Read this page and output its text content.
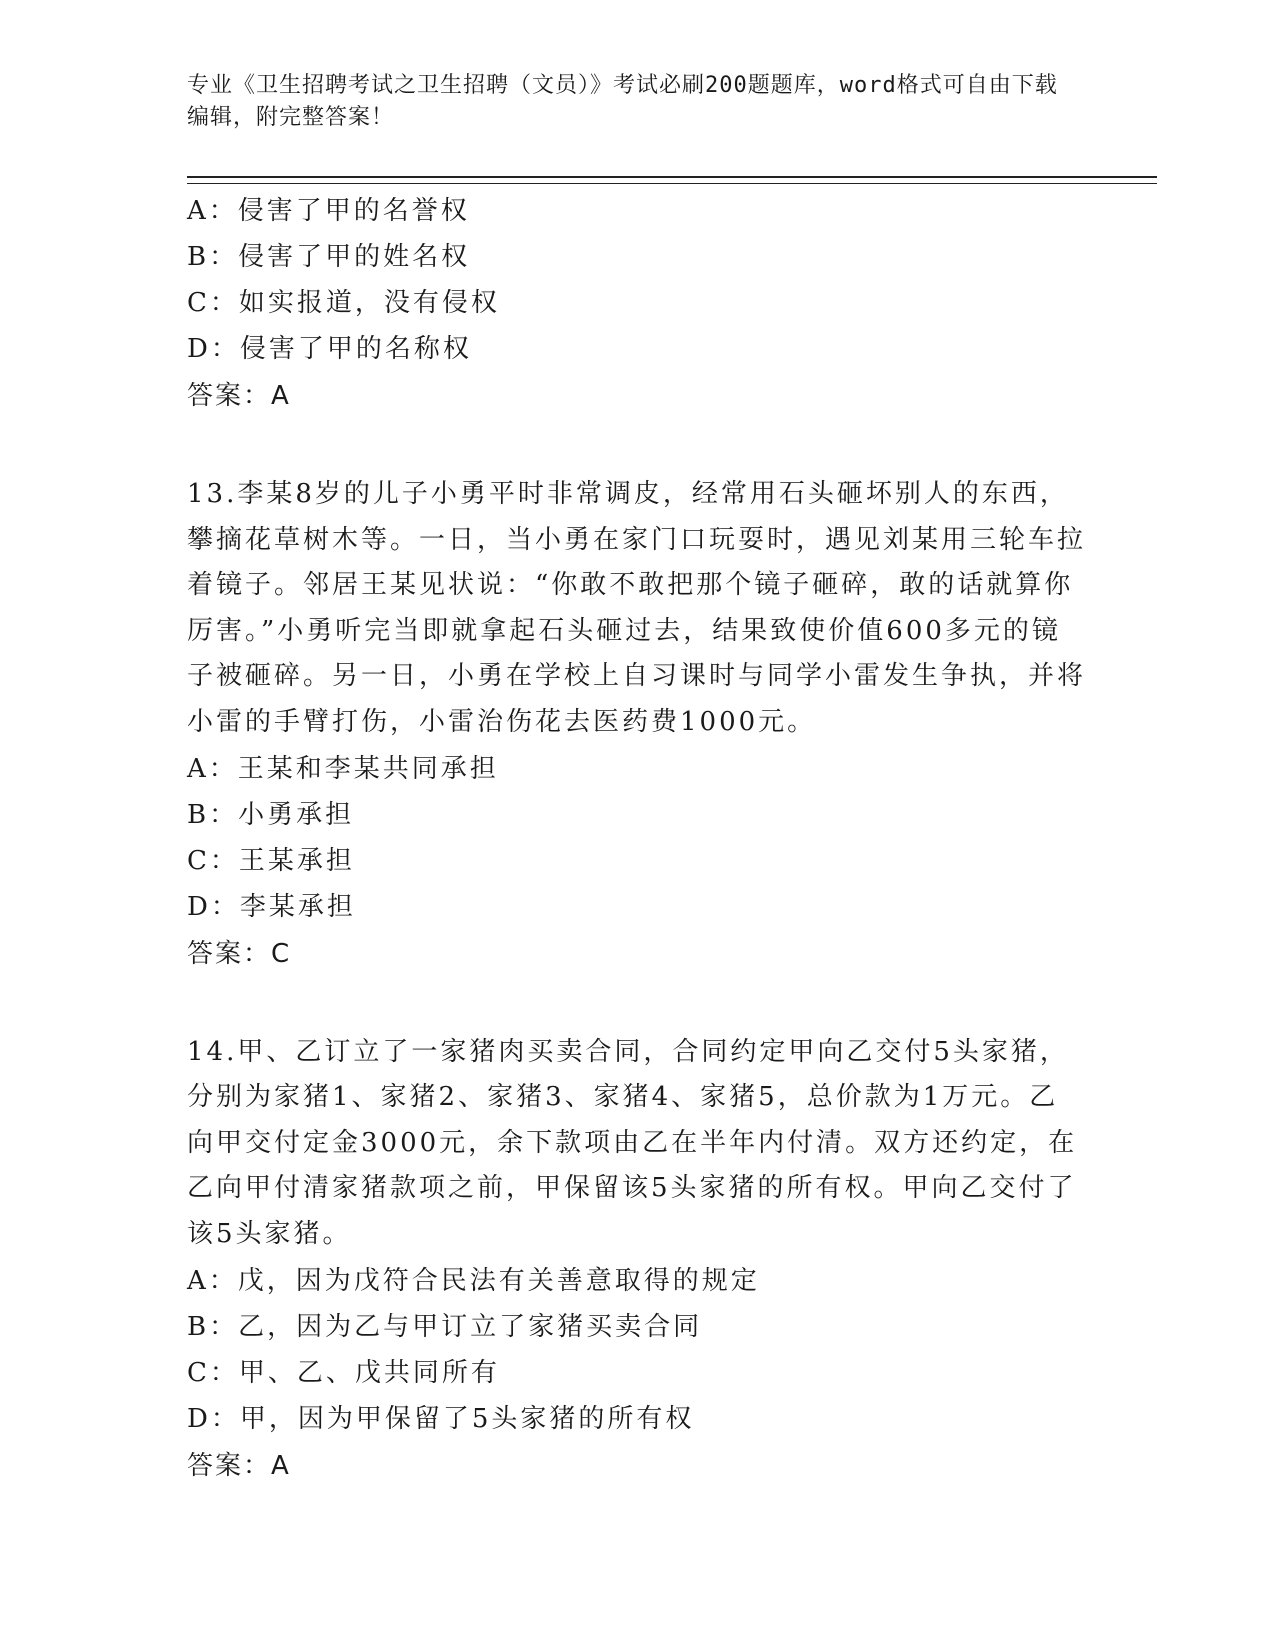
专业《卫生招聘考试之卫生招聘（文员）》考试必刷200题题库，word格式可自由下载编辑，附完整答案！

A：侵害了甲的名誉权

B：侵害了甲的姓名权

C：如实报道，没有侵权

D：侵害了甲的名称权

答案：A

13.李某8岁的儿子小勇平时非常调皮，经常用石头砸坏别人的东西，攀摘花草树木等。一日，当小勇在家门口玩耍时，遇见刘某用三轮车拉着镜子。邻居王某见状说：“你敢不敢把那个镜子砸碎，敢的话就算你厉害。”小勇听完当即就拿起石头砸过去，结果致使价值600多元的镜子被砸碎。另一日，小勇在学校上自习课时与同学小雷发生争执，并将小雷的手臂打伤，小雷治伤花去医药费1000元。

A：王某和李某共同承担

B：小勇承担

C：王某承担

D：李某承担

答案：C

14.甲、乙订立了一家猪肉买卖合同，合同约定甲向乙交付5头家猪，分别为家猪1、家猪2、家猪3、家猪4、家猪5，总价款为1万元。乙向甲交付定金3000元，余下款项由乙在半年内付清。双方还约定，在乙向甲付清家猪款项之前，甲保留该5头家猪的所有权。甲向乙交付了该5头家猪。

A：戊，因为戊符合民法有关善意取得的规定

B：乙，因为乙与甲订立了家猪买卖合同

C：甲、乙、戊共同所有

D：甲，因为甲保留了5头家猪的所有权

答案：A
